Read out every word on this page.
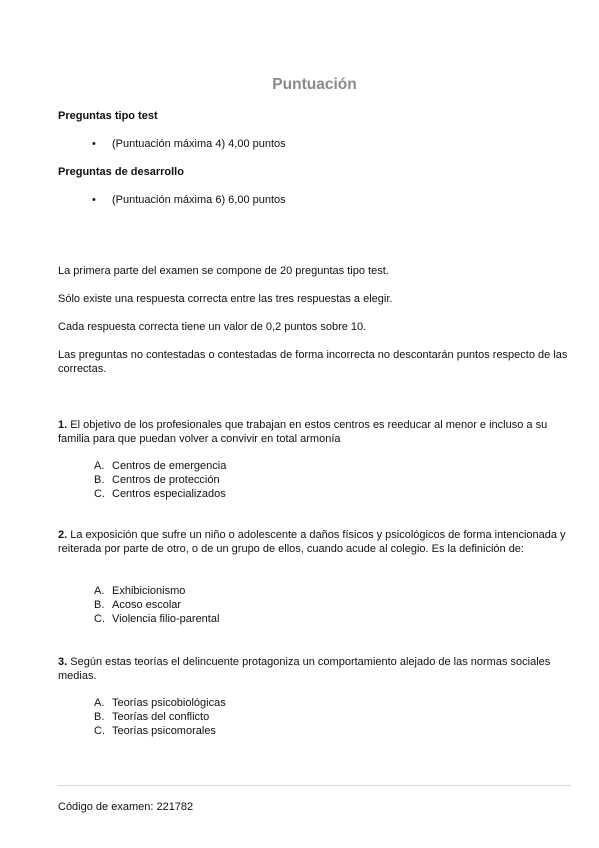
Puntuación
Preguntas tipo test
• (Puntuación máxima 4) 4,00 puntos
Preguntas de desarrollo
• (Puntuación máxima 6) 6,00 puntos
La primera parte del examen se compone de 20 preguntas tipo test.
Sólo existe una respuesta correcta entre las tres respuestas a elegir.
Cada respuesta correcta tiene un valor de 0,2 puntos sobre 10.
Las preguntas no contestadas o contestadas de forma incorrecta no descontarán puntos respecto de las correctas.
1. El objetivo de los profesionales que trabajan en estos centros es reeducar al menor e incluso a su familia para que puedan volver a convivir en total armonía
A. Centros de emergencia
B. Centros de protección
C. Centros especializados
2. La exposición que sufre un niño o adolescente a daños físicos y psicológicos de forma intencionada y reiterada por parte de otro, o de un grupo de ellos, cuando acude al colegio. Es la definición de:
A. Exhibicionismo
B. Acoso escolar
C. Violencia filio-parental
3. Según estas teorías el delincuente protagoniza un comportamiento alejado de las normas sociales medias.
A. Teorías psicobiológicas
B. Teorías del conflicto
C. Teorías psicomorales
Código de examen: 221782
